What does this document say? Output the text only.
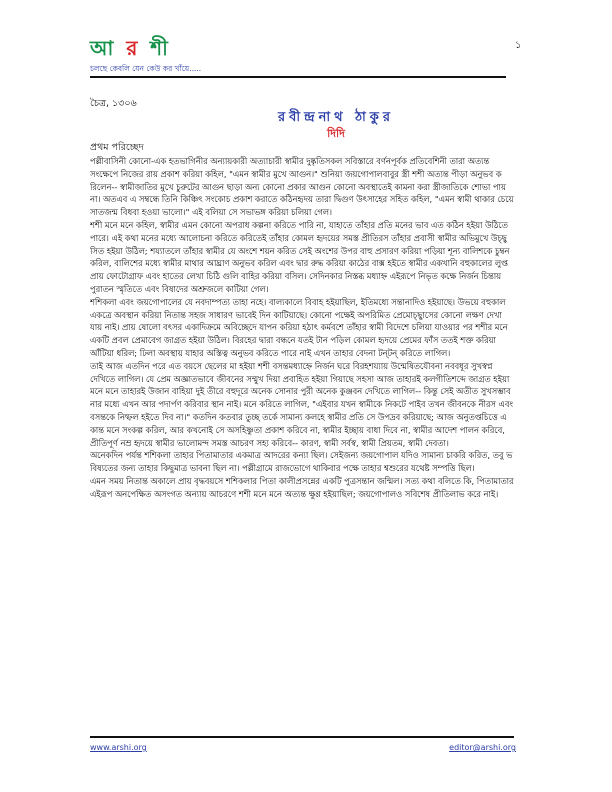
আ র শী
চলছে কেবলি যেন কেউ কর খাঁয়ে.....
১
চৈত্র, ১৩০৬
রবীন্দ্রনাথ ঠাকুর
দিদি
প্রথম পরিচ্ছেদ

পল্লীবাসিনী কোনো-এক হতভাগিনীর অন্যায়কারী অত্যাচারী স্বামীর দুষ্কৃতিসকল সবিস্তারে বর্ণনপূর্বক প্রতিবেশিনী তারা অত্যন্ত সংক্ষেপে নিজের রায় প্রকাশ করিয়া কহিল, "এমন স্বামীর মুখে আগুন।" শুনিয়া জয়গোপালবাবুর স্ত্রী শশী অত্যন্ত পীড়া অনুভব করিলেন-- স্বামীজাতির মুখে চুরুটের আগুন ছাড়া অন্য কোনো প্রকার আগুন কোনো অবস্থাতেই কামনা করা স্ত্রীজাতিকে শোভা পায় না। অতএব এ সম্বন্ধে তিনি কিঞ্চিৎ সংকোচ প্রকাশ করাতে কঠিনহৃদয় তারা দ্বিগুণ উৎসাহের সহিত কহিল, "এমন স্বামী থাকার চেয়ে সাতজন্ম বিধবা হওয়া ভালো।" এই বলিয়া সে সভাভঙ্গ করিয়া চলিয়া গেল।

শশী মনে মনে কহিল, স্বামীর এমন কোনো অপরাধ কল্পনা করিতে পারি না, যাহাতে তাঁহার প্রতি মনের ভাব এত কঠিন হইয়া উঠিতে পারে। এই কথা মনের মধ্যে আলোচনা করিতে করিতেই তাঁহার কোমল হৃদয়ের সমস্ত প্রীতিরস তাঁহার প্রবাসী স্বামীর অভিমুখে উচ্ছ্বসিত হইয়া উঠিল; শয্যাতলে তাঁহার স্বামীর যে অংশে শয়ন করিত সেই অংশের উপর বাহু প্রসারণ করিয়া পড়িয়া শূন্য বালিশকে চুম্বন করিল, বালিশের মধ্যে স্বামীর মাথার আঘ্রাণ অনুভব করিল এবং দ্বার রুদ্ধ করিয়া কাঠের বাক্স হইতে স্বামীর একখানি বহুকালের লুপ্তপ্রায় ফোটোগ্রাফ এবং হাতের লেখা চিঠি গুলি বাহির করিয়া বসিল। সেদিনকার নিস্তব্ধ মধ্যাহ্ন এইরূপে নিভৃত কক্ষে নির্জন চিন্তায় পুরাতন স্মৃতিতে এবং বিষাদের অশ্রুজলে কাটিয়া গেল।

শশিকলা এবং জয়গোপালের যে নবদাম্পত্য তাহা নহে। বাল্যকালে বিবাহ হইয়াছিল, ইতিমধ্যে সন্তানাদিও হইয়াছে। উভয়ে বহুকাল একত্রে অবস্থান করিয়া নিতান্ত সহজ সাধারণ ভাবেই দিন কাটিয়াছে। কোনো পক্ষেই অপরিমিত প্রেমোচ্ছ্বাসের কোনো লক্ষণ দেখা যায় নাই। প্রায় ষোলো বৎসর একাদিক্রমে অবিচ্ছেদে যাপন করিয়া হঠাৎ কর্মবশে তাঁহার স্বামী বিদেশে চলিয়া যাওয়ার পর শশীর মনে একটি প্রবল প্রেমাবেগ জাগ্রত হইয়া উঠিল। বিরহের দ্বারা বন্ধনে যতই টান পড়িল কোমল হৃদয়ে প্রেমের ফাঁস ততই শক্ত করিয়া আঁটিয়া ধরিল; ঢিলা অবস্থায় যাহার অস্তিত্ব অনুভব করিতে পারে নাই এখন তাহার বেদনা টন্‌টন্‌ করিতে লাগিল।

তাই আজ এতদিন পরে এত বয়সে ছেলের মা হইয়া শশী বসন্তমধ্যাহ্নে নির্জন ঘরে বিরহশয্যায় উন্মেষিতযৌবনা নববধূর সুখস্বপ্ন দেখিতে লাগিল। যে প্রেম অজ্ঞাতভাবে জীবনের সম্মুখ দিয়া প্রবাহিত হইয়া গিয়াছে সহসা আজ তাহারই কলগীতিশব্দে জাগ্রত হইয়া মনে মনে তাহারই উজান বাহিয়া দুই তীরে বহুদূরে অনেক সোনার পুরী অনেক কুঞ্জবন দেখিতে লাগিল-- কিন্তু সেই অতীত সুখসম্ভাবনার মধ্যে এখন আর পদার্পণ করিবার স্থান নাই। মনে করিতে লাগিল, "এইবার যখন স্বামীকে নিকটে পাইব তখন জীবনকে নীরস এবং বসন্তকে নিষ্ফল হইতে দিব না।" কতদিন কতবার তুচ্ছ তর্কে সামান্য কলহে স্বামীর প্রতি সে উপদ্রব করিয়াছে; আজ অনুতপ্তচিত্তে একান্ত মনে সংকল্প করিল, আর কখনোই সে অসহিষ্ণুতা প্রকাশ করিবে না, স্বামীর ইচ্ছায় বাধা দিবে না, স্বামীর আদেশ পালন করিবে, প্রীতিপূর্ণ নম্র হৃদয়ে স্বামীর ভালোমন্দ সমস্ত আচরণ সহ্য করিবে-- কারণ, স্বামী সর্বস্ব, স্বামী প্রিয়তম, স্বামী দেবতা।

অনেকদিন পর্যন্ত শশিকলা তাহার পিতামাতার একমাত্র আদরের কন্যা ছিল। সেইজন্য জয়গোপাল যদিও সামান্য চাকরি করিত, তবু ভবিষ্যতের জন্য তাহার কিছুমাত্র ভাবনা ছিল না। পল্লীগ্রামে রাজভোগে থাকিবার পক্ষে তাহার শ্বশুরের যথেষ্ট সম্পত্তি ছিল।

এমন সময় নিতান্ত অকালে প্রায় বৃদ্ধবয়সে শশিকলার পিতা কালীপ্রসন্নের একটি পুত্রসন্তান জন্মিল। সত্য কথা বলিতে কি, পিতামাতার এইরূপ অনপেক্ষিত অসংগত অন্যায় আচরণে শশী মনে মনে অত্যন্ত ক্ষুণ্ণ হইয়াছিল; জয়গোপালও সবিশেষ প্রীতিলাভ করে নাই।

www.arshi.org	editor@arshi.org
